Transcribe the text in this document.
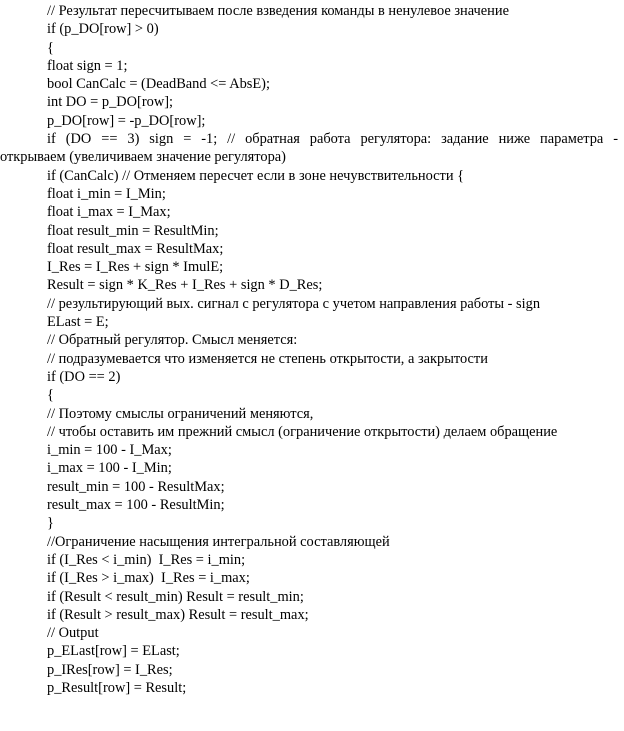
// Результат пересчитываем после взведения команды в ненулевое значение
if (p_DO[row] > 0)
{
float sign = 1;
bool CanCalc = (DeadBand <= AbsE);
int DO = p_DO[row];
p_DO[row] = -p_DO[row];
if (DO == 3) sign = -1; // обратная работа регулятора: задание ниже параметра -
открываем (увеличиваем значение регулятора)
if (CanCalc) // Отменяем пересчет если в зоне нечувствительности {
float i_min = I_Min;
float i_max = I_Max;
float result_min = ResultMin;
float result_max = ResultMax;
I_Res = I_Res + sign * ImulE;
Result = sign * K_Res + I_Res + sign * D_Res;
// результирующий вых. сигнал с регулятора с учетом направления работы - sign
ELast = E;
// Обратный регулятор. Смысл меняется:
// подразумевается что изменяется не степень открытости, а закрытости
if (DO == 2)
{
// Поэтому смыслы ограничений меняются,
// чтобы оставить им прежний смысл (ограничение открытости) делаем обращение
i_min = 100 - I_Max;
i_max = 100 - I_Min;
result_min = 100 - ResultMax;
result_max = 100 - ResultMin;
}
//Ограничение насыщения интегральной составляющей
if (I_Res < i_min)  I_Res = i_min;
if (I_Res > i_max)  I_Res = i_max;
if (Result < result_min) Result = result_min;
if (Result > result_max) Result = result_max;
// Output
p_ELast[row] = ELast;
p_IRes[row] = I_Res;
p_Result[row] = Result;
